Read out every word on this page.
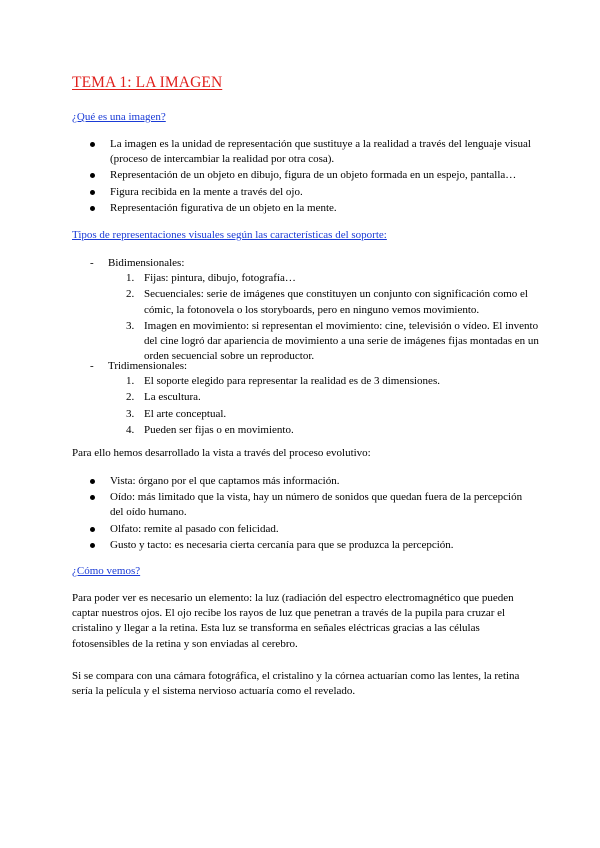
TEMA 1: LA IMAGEN

¿Qué es una imagen?

La imagen es la unidad de representación que sustituye a la realidad a través del lenguaje visual (proceso de intercambiar la realidad por otra cosa).
Representación de un objeto en dibujo, figura de un objeto formada en un espejo, pantalla…
Figura recibida en la mente a través del ojo.
Representación figurativa de un objeto en la mente.

Tipos de representaciones visuales según las características del soporte:

- Bidimensionales:
1. Fijas: pintura, dibujo, fotografía…
2. Secuenciales: serie de imágenes que constituyen un conjunto con significación como el cómic, la fotonovela o los storyboards, pero en ninguno vemos movimiento.
3. Imagen en movimiento: si representan el movimiento: cine, televisión o vídeo. El invento del cine logró dar apariencia de movimiento a una serie de imágenes fijas montadas en un orden secuencial sobre un reproductor.
- Tridimensionales:
1. El soporte elegido para representar la realidad es de 3 dimensiones.
2. La escultura.
3. El arte conceptual.
4. Pueden ser fijas o en movimiento.

Para ello hemos desarrollado la vista a través del proceso evolutivo:

Vista: órgano por el que captamos más información.
Oído: más limitado que la vista, hay un número de sonidos que quedan fuera de la percepción del oído humano.
Olfato: remite al pasado con felicidad.
Gusto y tacto: es necesaria cierta cercanía para que se produzca la percepción.

¿Cómo vemos?

Para poder ver es necesario un elemento: la luz (radiación del espectro electromagnético que pueden captar nuestros ojos. El ojo recibe los rayos de luz que penetran a través de la pupila para cruzar el cristalino y llegar a la retina. Esta luz se transforma en señales eléctricas gracias a las células fotosensibles de la retina y son enviadas al cerebro.

Si se compara con una cámara fotográfica, el cristalino y la córnea actuarían como las lentes, la retina sería la película y el sistema nervioso actuaría como el revelado.
